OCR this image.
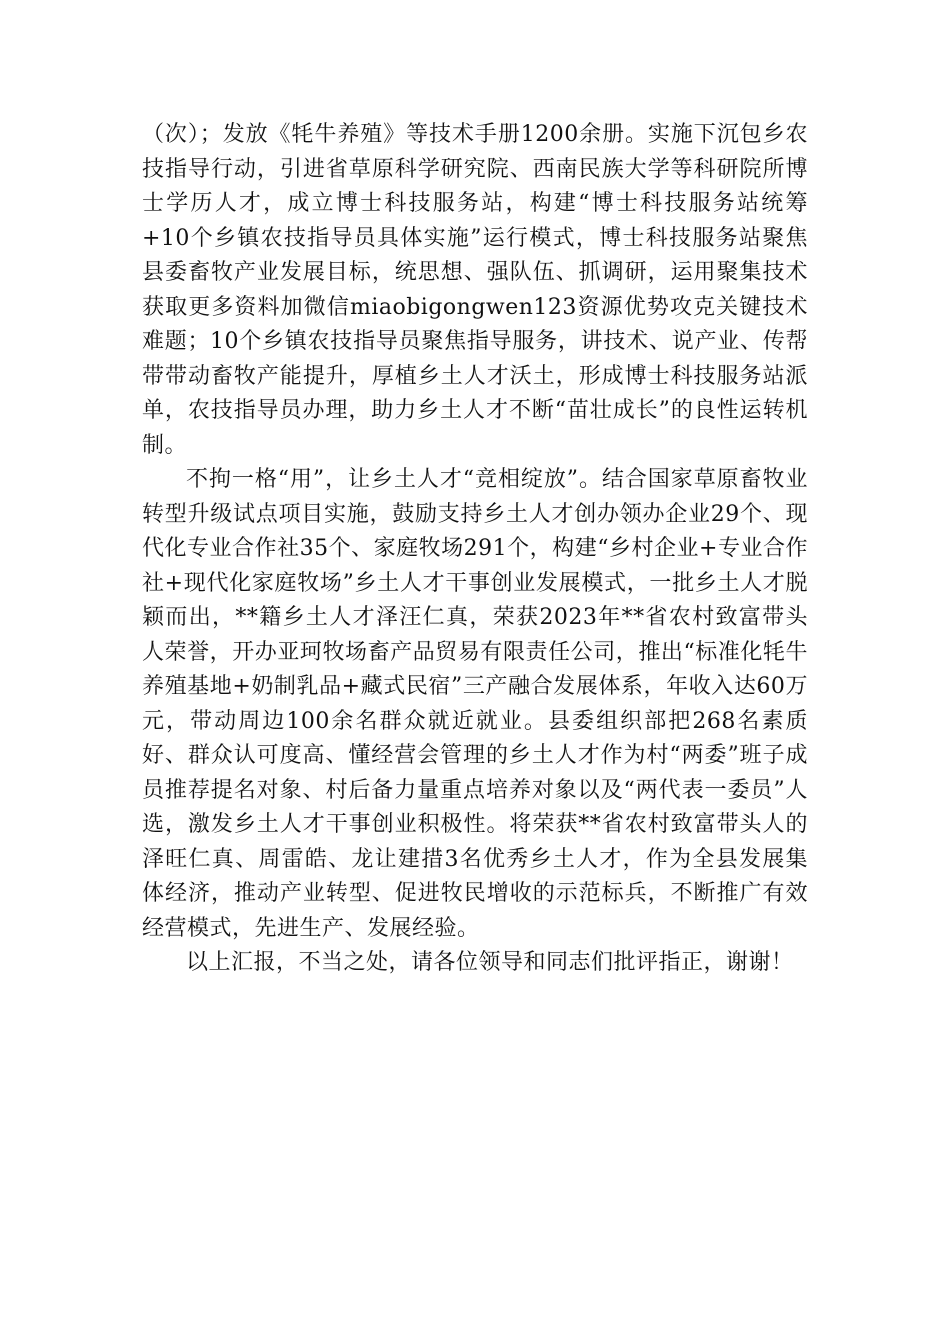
（次）；发放《牦牛养殖》等技术手册1200余册。实施下沉包乡农技指导行动，引进省草原科学研究院、西南民族大学等科研院所博士学历人才，成立博士科技服务站，构建“博士科技服务站统筹+10个乡镇农技指导员具体实施”运行模式，博士科技服务站聚焦县委畜牧产业发展目标，统思想、强队伍、抓调研，运用聚集技术获取更多资料加微信miaobigongwen123资源优势攻克关键技术难题；10个乡镇农技指导员聚焦指导服务，讲技术、说产业、传帮带带动畜牧产能提升，厚植乡土人才沃土，形成博士科技服务站派单，农技指导员办理，助力乡土人才不断“苗壮成长”的良性运转机制。

不拘一格“用”，让乡土人才“竞相绽放”。结合国家草原畜牧业转型升级试点项目实施，鼓励支持乡土人才创办领办企业29个、现代化专业合作社35个、家庭牧场291个，构建“乡村企业+专业合作社+现代化家庭牧场”乡土人才干事创业发展模式，一批乡土人才脱颖而出，**籍乡土人才泽汪仁真，荣获2023年**省农村致富带头人荣誉，开办亚珂牧场畜产品贸易有限责任公司，推出“标准化牦牛养殖基地+奶制乳品+藏式民宿”三产融合发展体系，年收入达60万元，带动周边100余名群众就近就业。县委组织部把268名素质好、群众认可度高、懂经营会管理的乡土人才作为村“两委”班子成员推荐提名对象、村后备力量重点培养对象以及“两代表一委员”人选，激发乡土人才干事创业积极性。将荣获**省农村致富带头人的泽旺仁真、周雷皓、龙让建措3名优秀乡土人才，作为全县发展集体经济，推动产业转型、促进牧民增收的示范标兵，不断推广有效经营模式，先进生产、发展经验。

以上汇报，不当之处，请各位领导和同志们批评指正，谢谢！
